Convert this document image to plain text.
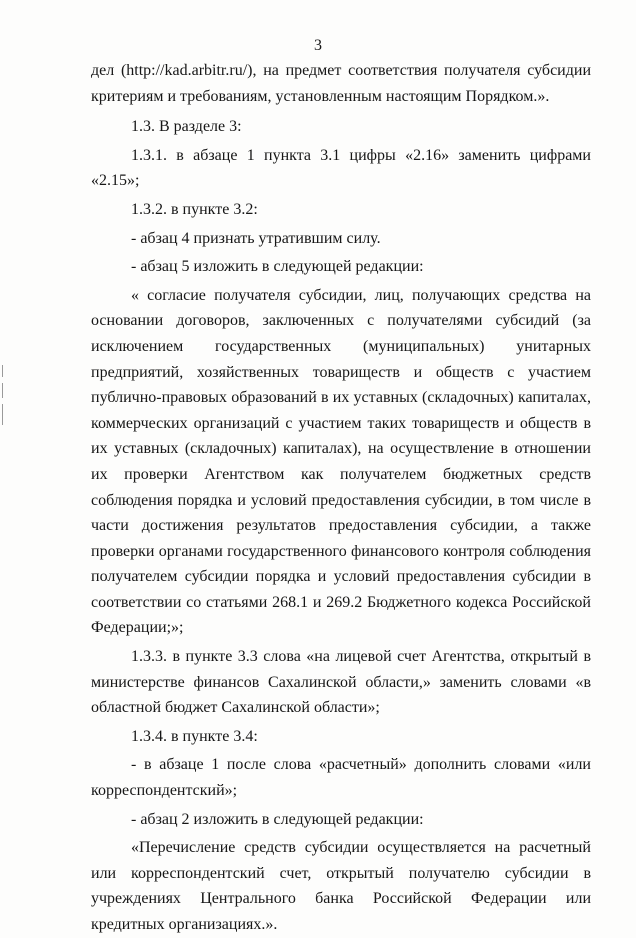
3

дел (http://kad.arbitr.ru/), на предмет соответствия получателя субсидии

критериям и требованиям, установленным настоящим Порядком.».

1.3. В разделе 3:

1.3.1. в абзаце 1 пункта 3.1 цифры «2.16» заменить цифрами «2.15»;

1.3.2. в пункте 3.2:

- абзац 4 признать утратившим силу.

- абзац 5 изложить в следующей редакции:

« согласие получателя субсидии, лиц, получающих средства на основании договоров, заключенных с получателями субсидий (за исключением государственных (муниципальных) унитарных предприятий, хозяйственных товариществ и обществ с участием публично-правовых образований в их уставных (складочных) капиталах, коммерческих организаций с участием таких товариществ и обществ в их уставных (складочных) капиталах), на осуществление в отношении их проверки Агентством как получателем бюджетных средств соблюдения порядка и условий предоставления субсидии, в том числе в части достижения результатов предоставления субсидии, а также проверки органами государственного финансового контроля соблюдения получателем субсидии порядка и условий предоставления субсидии в соответствии со статьями 268.1 и 269.2 Бюджетного кодекса Российской Федерации;»;

1.3.3. в пункте 3.3 слова «на лицевой счет Агентства, открытый в министерстве финансов Сахалинской области,» заменить словами «в областной бюджет Сахалинской области»;

1.3.4. в пункте 3.4:

- в абзаце 1 после слова «расчетный» дополнить словами «или корреспондентский»;

- абзац 2 изложить в следующей редакции:

«Перечисление средств субсидии осуществляется на расчетный или корреспондентский счет, открытый получателю субсидии в учреждениях Центрального банка Российской Федерации или кредитных организациях.».
